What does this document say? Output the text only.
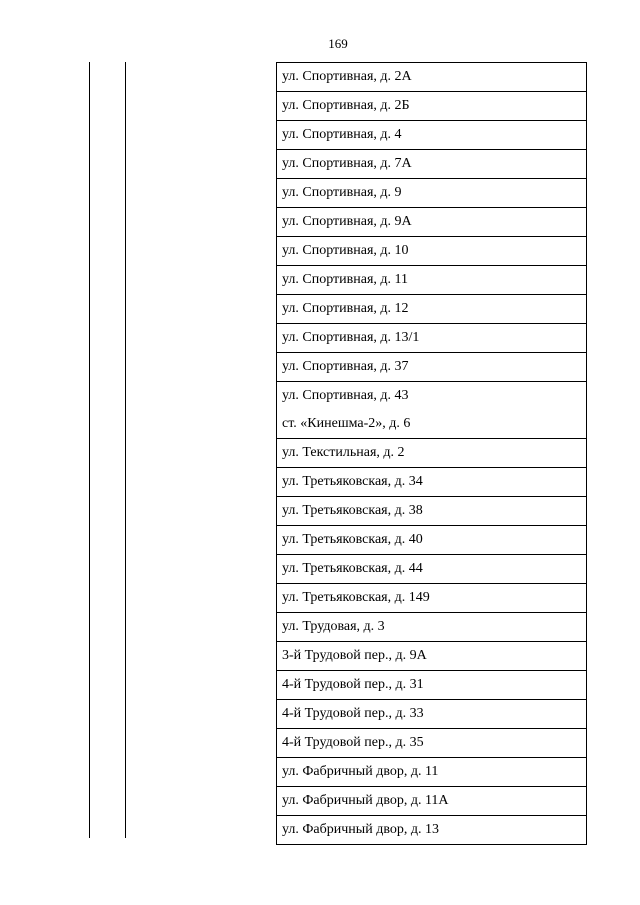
169
ул. Спортивная, д. 2А
ул. Спортивная, д. 2Б
ул. Спортивная, д. 4
ул. Спортивная, д. 7А
ул. Спортивная, д. 9
ул. Спортивная, д. 9А
ул. Спортивная, д. 10
ул. Спортивная, д. 11
ул. Спортивная, д. 12
ул. Спортивная, д. 13/1
ул. Спортивная, д. 37

ул. Спортивная, д. 43
ст. «Кинешма-2», д. 6

ул. Текстильная, д. 2
ул. Третьяковская, д. 34
ул. Третьяковская, д. 38
ул. Третьяковская, д. 40
ул. Третьяковская, д. 44
ул. Третьяковская, д. 149
ул. Трудовая, д. 3
3-й Трудовой пер., д. 9А
4-й Трудовой пер., д. 31
4-й Трудовой пер., д. 33
4-й Трудовой пер., д. 35
ул. Фабричный двор, д. 11
ул. Фабричный двор, д. 11А
ул. Фабричный двор, д. 13
